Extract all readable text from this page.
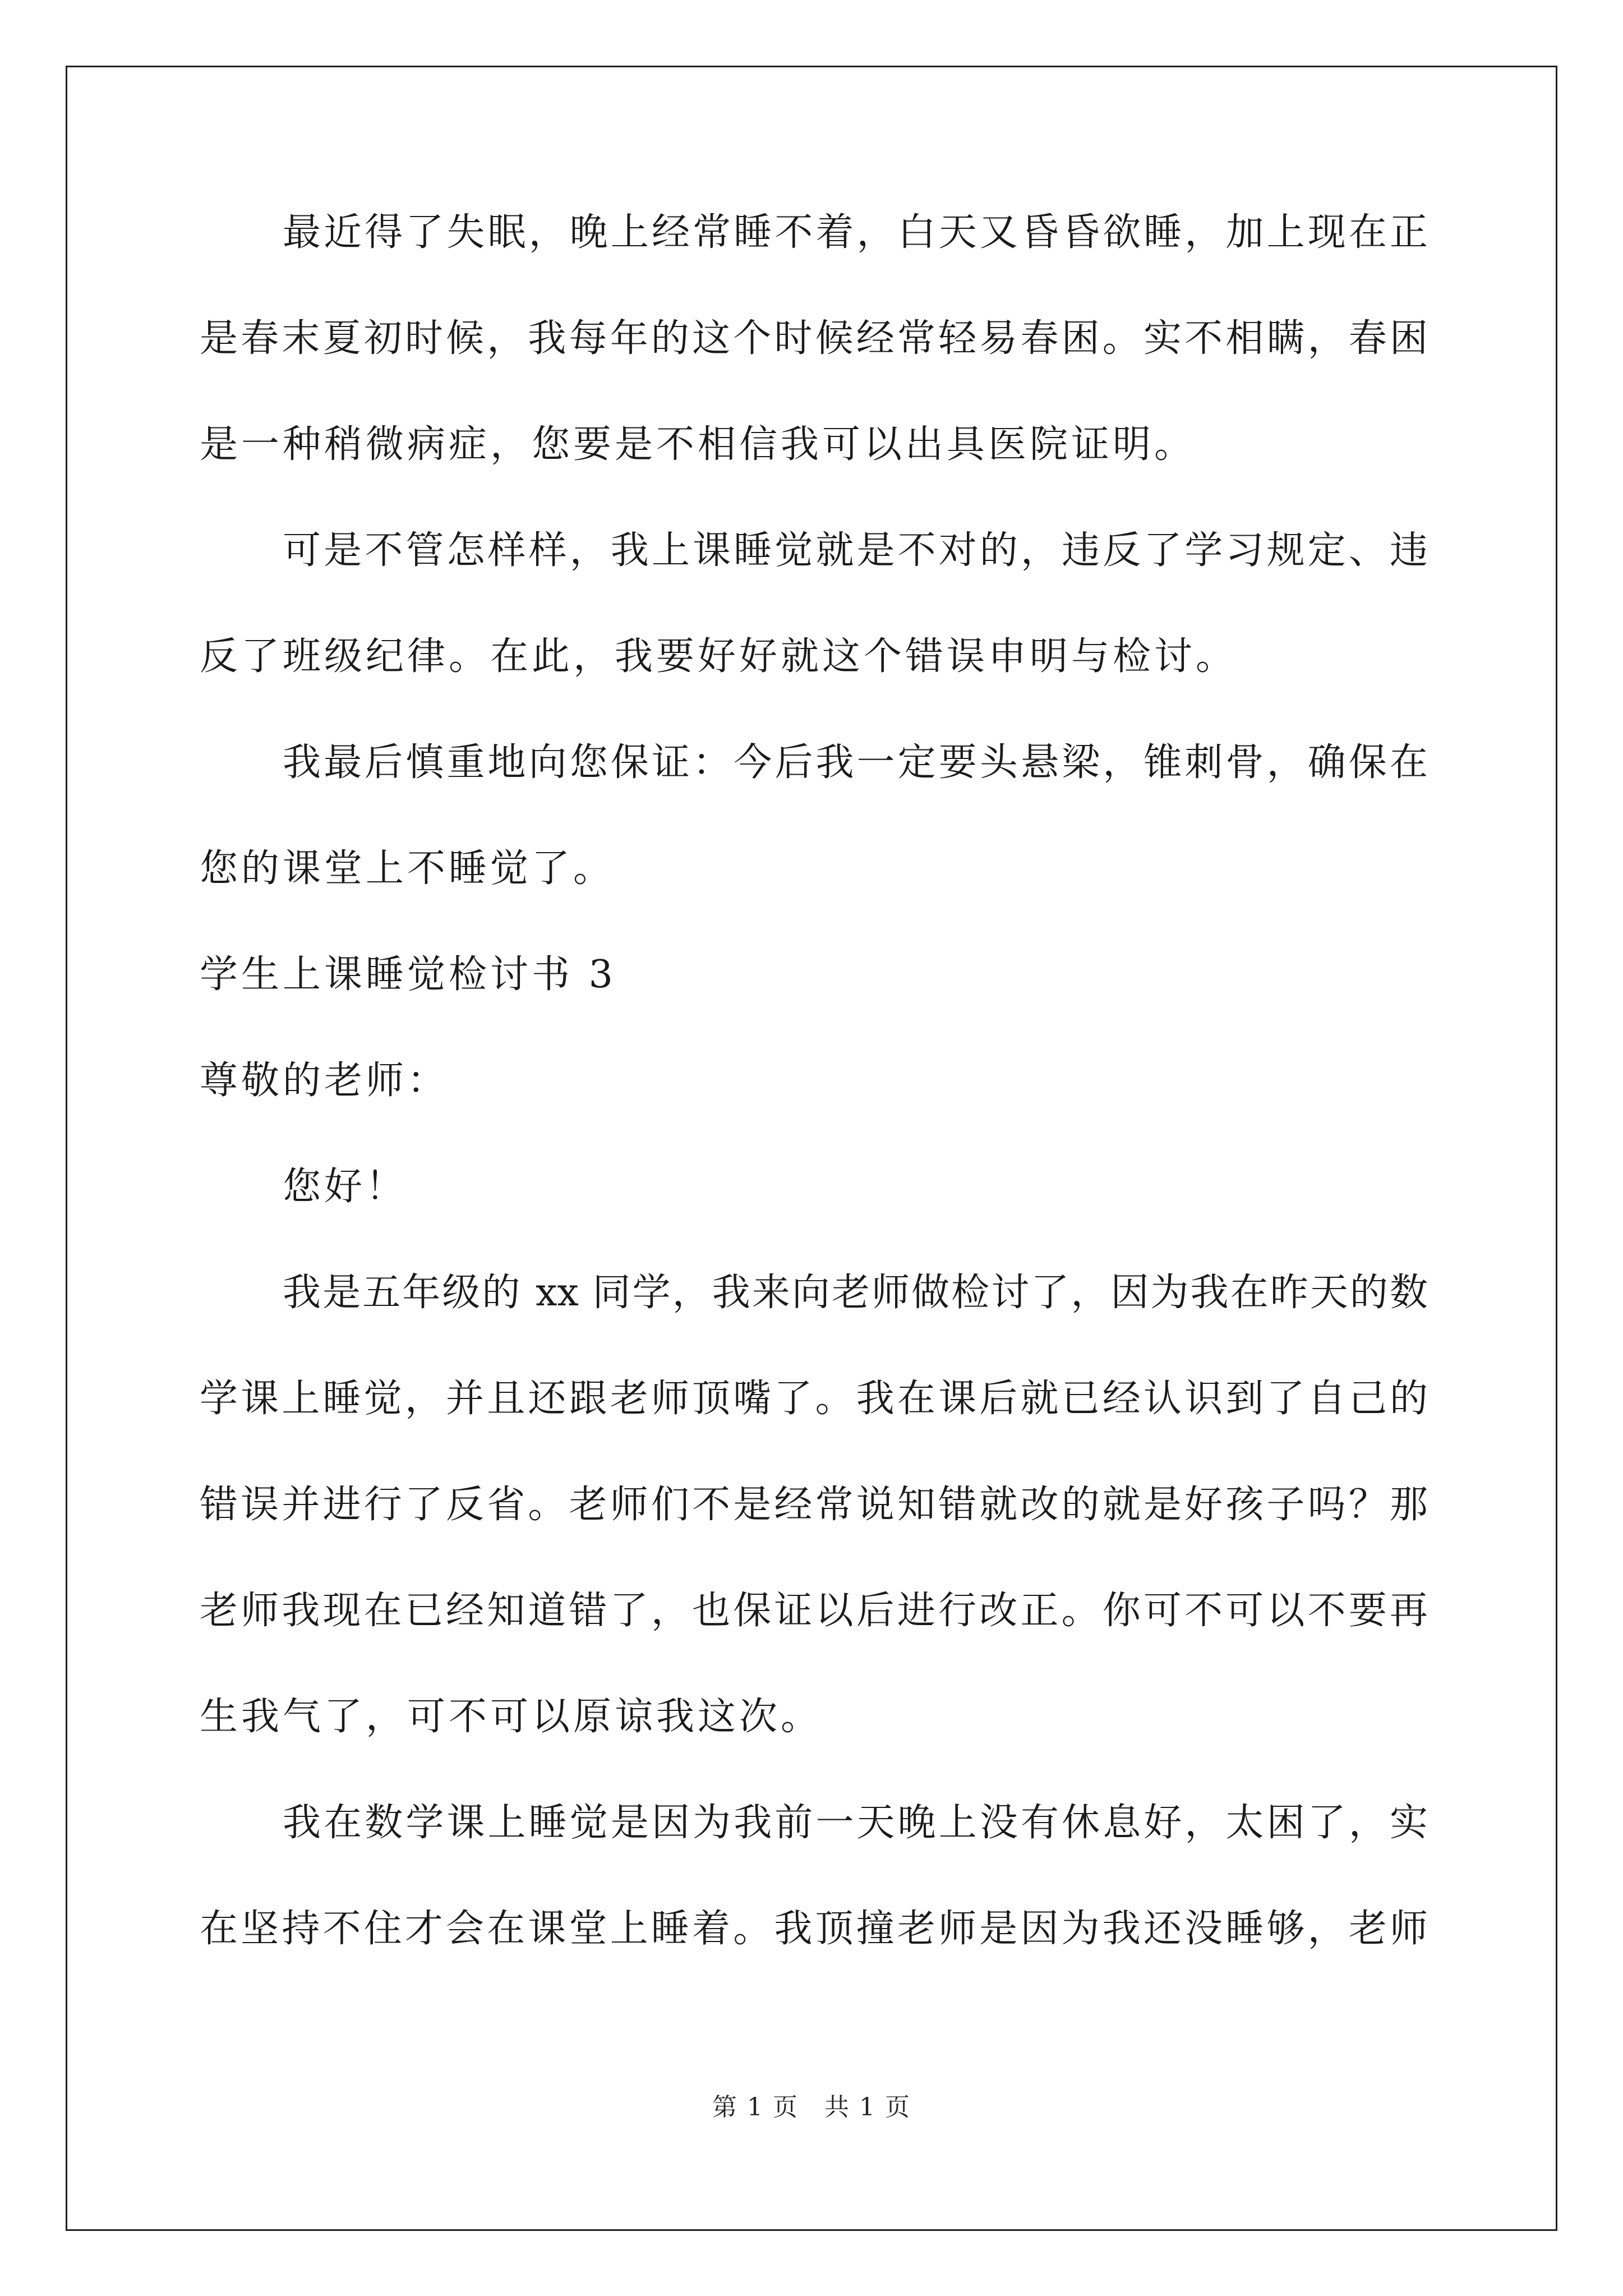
最近得了失眠，晚上经常睡不着，白天又昏昏欲睡，加上现在正
是春末夏初时候，我每年的这个时候经常轻易春困。实不相瞒，春困
是一种稍微病症，您要是不相信我可以出具医院证明。
可是不管怎样样，我上课睡觉就是不对的，违反了学习规定、违
反了班级纪律。在此，我要好好就这个错误申明与检讨。
我最后慎重地向您保证：今后我一定要头悬梁，锥刺骨，确保在
您的课堂上不睡觉了。
学生上课睡觉检讨书 3
尊敬的老师：
您好！
我是五年级的 xx 同学，我来向老师做检讨了，因为我在昨天的数
学课上睡觉，并且还跟老师顶嘴了。我在课后就已经认识到了自己的
错误并进行了反省。老师们不是经常说知错就改的就是好孩子吗？那
老师我现在已经知道错了，也保证以后进行改正。你可不可以不要再
生我气了，可不可以原谅我这次。
我在数学课上睡觉是因为我前一天晚上没有休息好，太困了，实
在坚持不住才会在课堂上睡着。我顶撞老师是因为我还没睡够，老师
第 1 页　共 1 页
